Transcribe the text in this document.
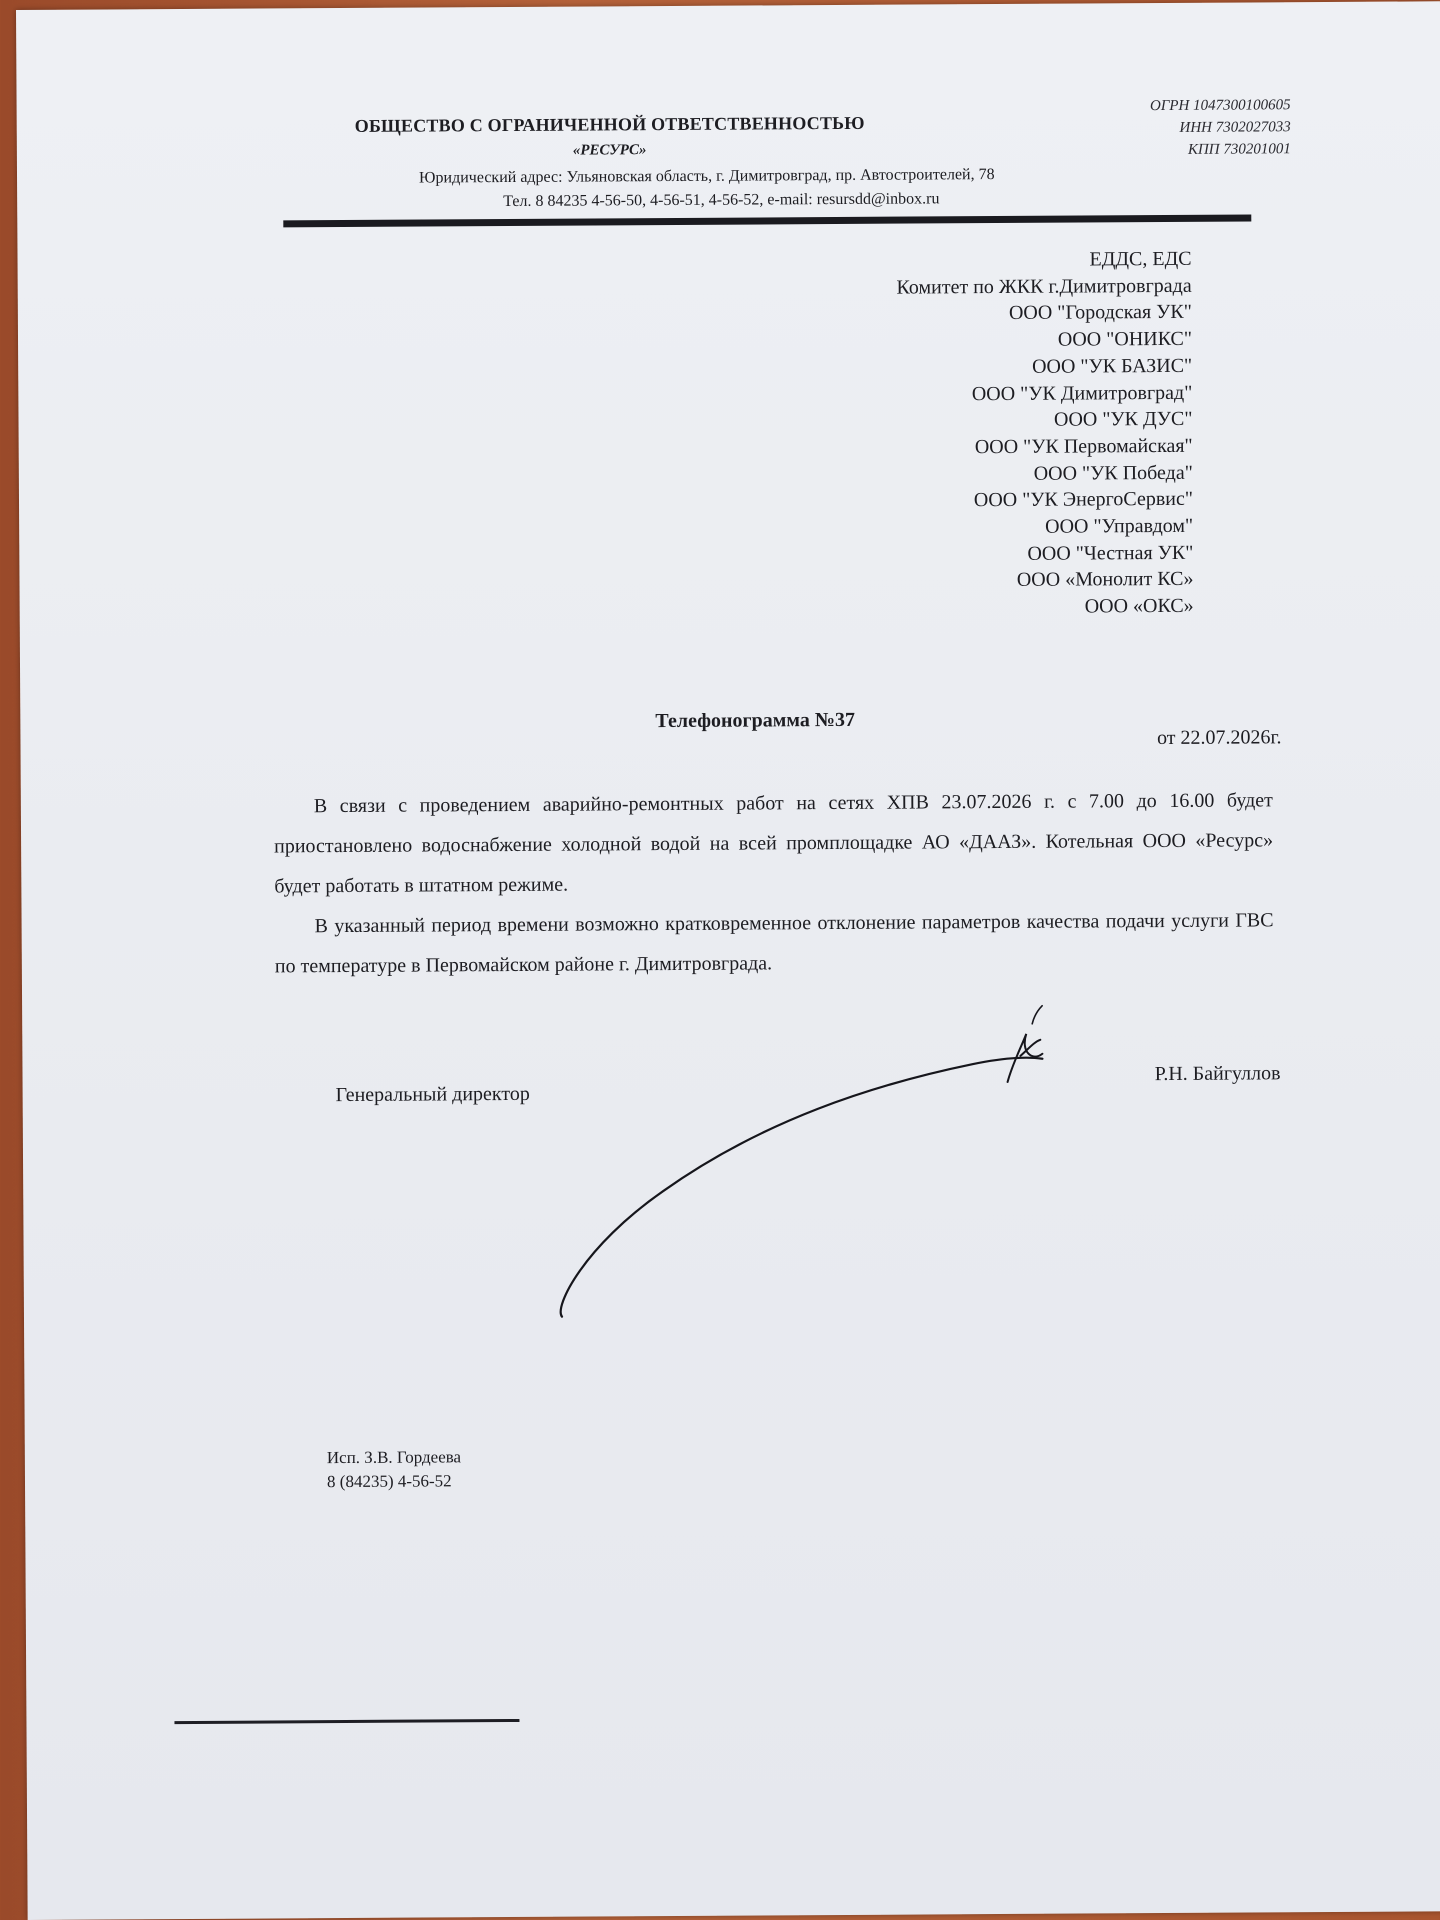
ОБЩЕСТВО С ОГРАНИЧЕННОЙ ОТВЕТСТВЕННОСТЬЮ
«РЕСУРС»
ОГРН 1047300100605
ИНН 7302027033
КПП 730201001
Юридический адрес: Ульяновская область, г. Димитровград, пр. Автостроителей, 78
Тел. 8 84235 4-56-50, 4-56-51, 4-56-52, e-mail: resursdd@inbox.ru
ЕДДС, ЕДС
Комитет по ЖКК г.Димитровграда
ООО "Городская УК"
ООО "ОНИКС"
ООО "УК БАЗИС"
ООО "УК Димитровград"
ООО "УК ДУС"
ООО "УК Первомайская"
ООО "УК Победа"
ООО "УК ЭнергоСервис"
ООО "Управдом"
ООО "Честная УК"
ООО «Монолит КС»
ООО «ОКС»
Телефонограмма №37
от 22.07.2026г.

В связи с проведением аварийно-ремонтных работ на сетях ХПВ 23.07.2026 г. с 7.00 до 16.00 будет приостановлено водоснабжение холодной водой на всей промплощадке АО «ДААЗ». Котельная ООО «Ресурс» будет работать в штатном режиме.

В указанный период времени возможно кратковременное отклонение параметров качества подачи услуги ГВС по температуре в Первомайском районе г. Димитровграда.

Генеральный директор
Р.Н. Байгуллов
Исп. З.В. Гордеева
8 (84235) 4-56-52
